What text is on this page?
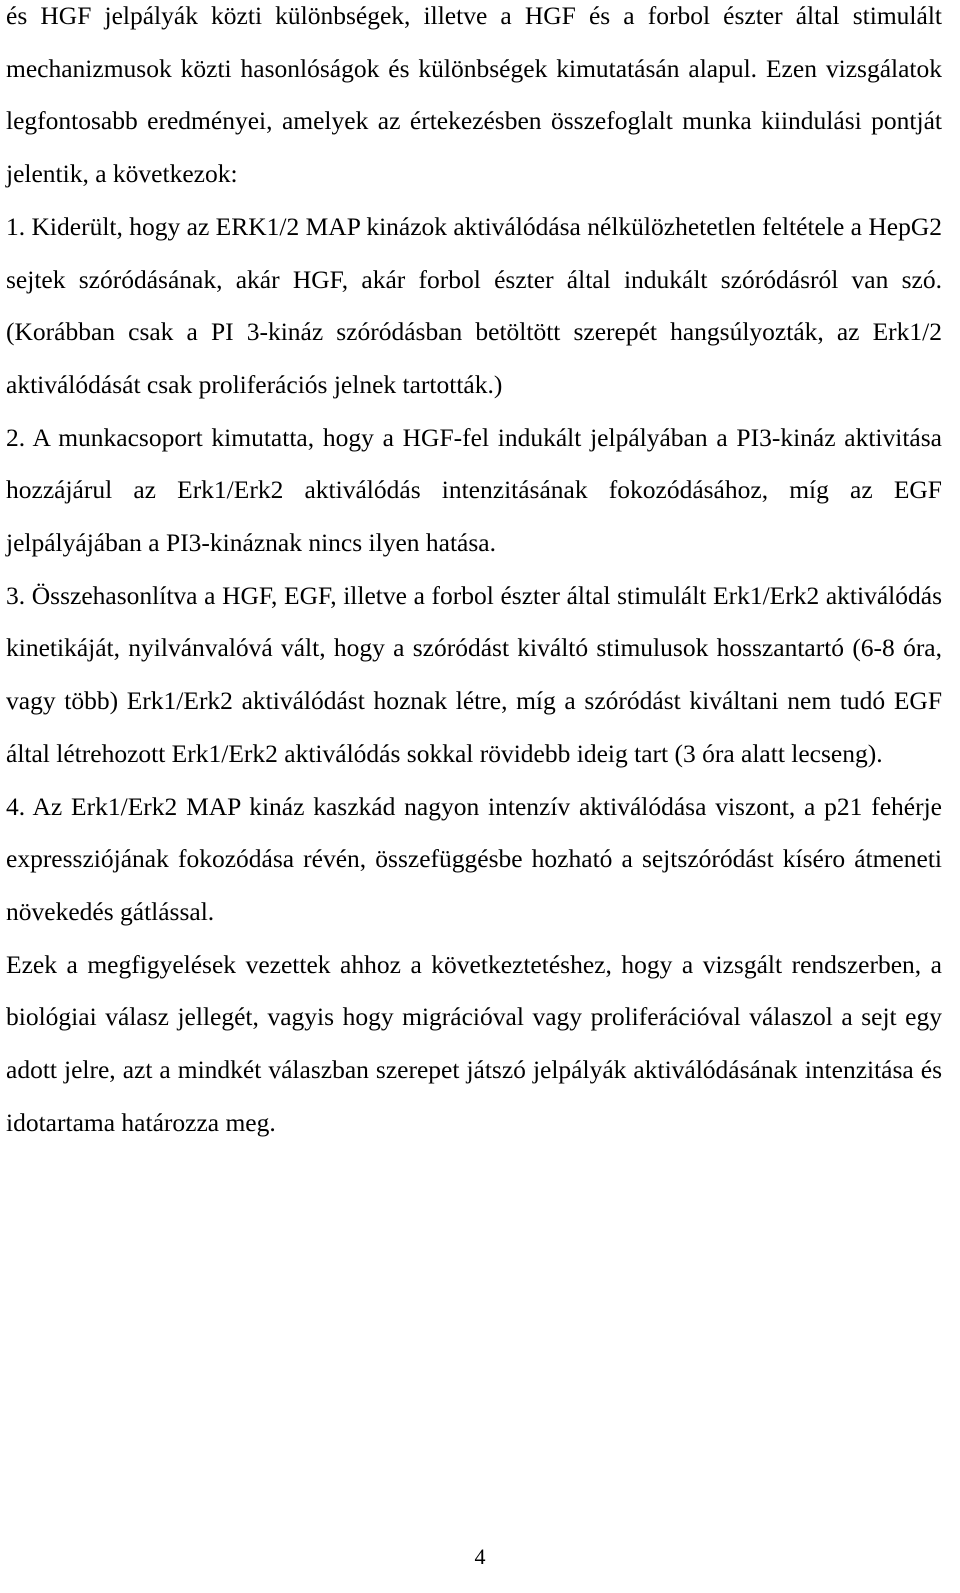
és HGF jelpályák közti különbségek, illetve a HGF és a forbol észter által stimulált mechanizmusok közti hasonlóságok és különbségek kimutatásán alapul. Ezen vizsgálatok legfontosabb eredményei, amelyek az értekezésben összefoglalt munka kiindulási pontját jelentik, a következok:

1. Kiderült, hogy az ERK1/2 MAP kinázok aktiválódása nélkülözhetetlen feltétele a HepG2 sejtek szóródásának, akár HGF, akár forbol észter által indukált szóródásról van szó. (Korábban csak a PI 3-kináz szóródásban betöltött szerepét hangsúlyozták, az Erk1/2 aktiválódását csak proliferációs jelnek tartották.)

2. A munkacsoport kimutatta, hogy a HGF-fel indukált jelpályában a PI3-kináz aktivitása hozzájárul az Erk1/Erk2 aktiválódás intenzitásának fokozódásához, míg az EGF jelpályájában a PI3-kináznak nincs ilyen hatása.

3. Összehasonlítva a HGF, EGF, illetve a forbol észter által stimulált Erk1/Erk2 aktiválódás kinetikáját, nyilvánvalóvá vált, hogy a szóródást kiváltó stimulusok hosszantartó (6-8 óra, vagy több) Erk1/Erk2 aktiválódást hoznak létre, míg a szóródást kiváltani nem tudó EGF által létrehozott Erk1/Erk2 aktiválódás sokkal rövidebb ideig tart (3 óra alatt lecseng).

4. Az Erk1/Erk2 MAP kináz kaszkád nagyon intenzív aktiválódása viszont, a p21 fehérje expressziójának fokozódása révén, összefüggésbe hozható a sejtszóródást kíséro átmeneti növekedés gátlással.

Ezek a megfigyelések vezettek ahhoz a következtetéshez, hogy a vizsgált rendszerben, a biológiai válasz jellegét, vagyis hogy migrációval vagy proliferációval válaszol a sejt egy adott jelre, azt a mindkét válaszban szerepet játszó jelpályák aktiválódásának intenzitása és idotartama határozza meg.

4
